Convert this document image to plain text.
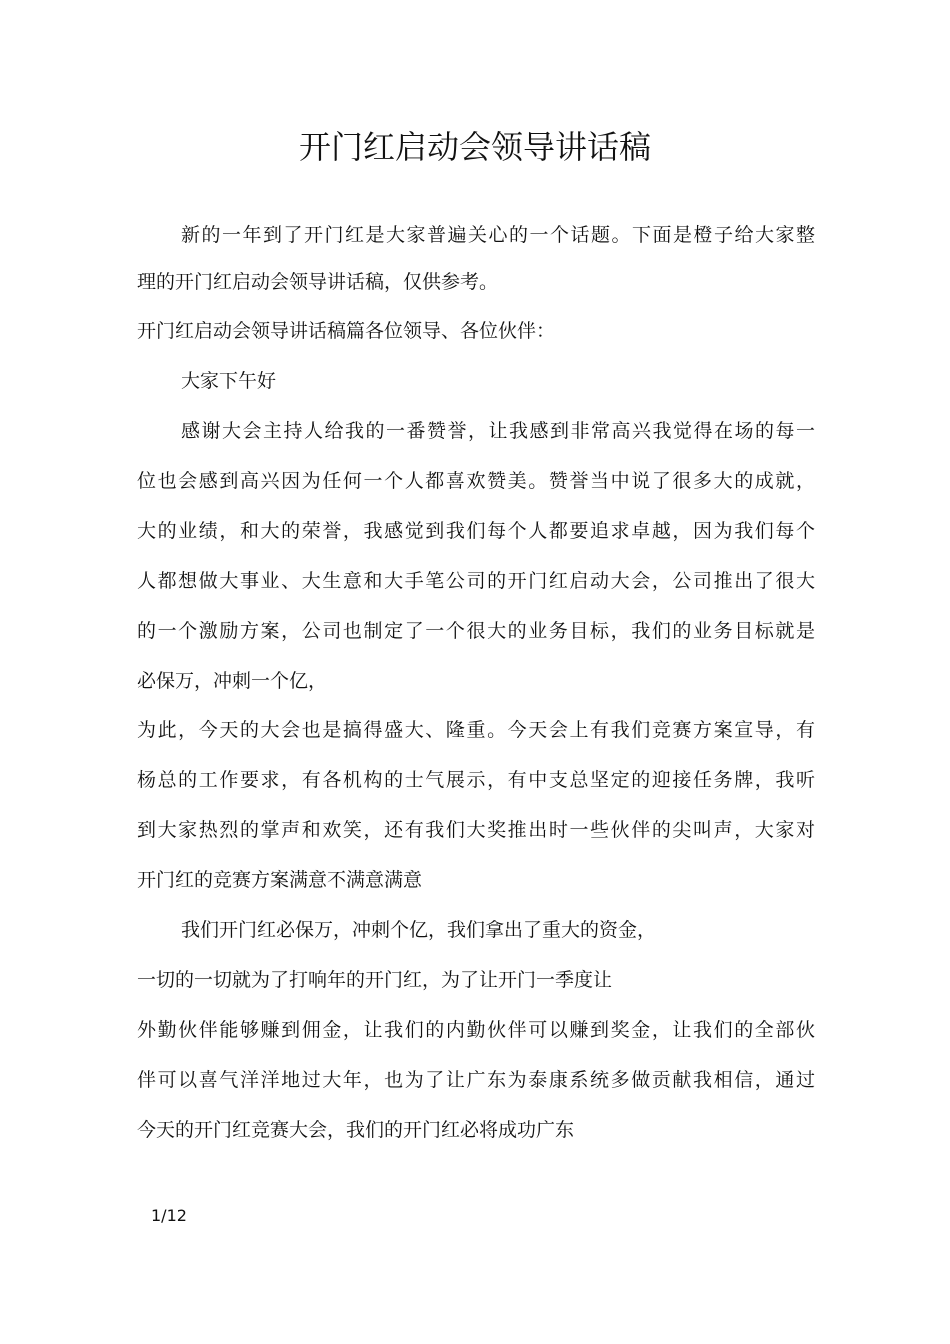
开门红启动会领导讲话稿

新的一年到了开门红是大家普遍关心的一个话题。下面是橙子给大家整

理的开门红启动会领导讲话稿，仅供参考。

开门红启动会领导讲话稿篇各位领导、各位伙伴：

大家下午好

感谢大会主持人给我的一番赞誉，让我感到非常高兴我觉得在场的每一

位也会感到高兴因为任何一个人都喜欢赞美。赞誉当中说了很多大的成就，

大的业绩，和大的荣誉，我感觉到我们每个人都要追求卓越，因为我们每个

人都想做大事业、大生意和大手笔公司的开门红启动大会，公司推出了很大

的一个激励方案，公司也制定了一个很大的业务目标，我们的业务目标就是

必保万，冲刺一个亿，

为此，今天的大会也是搞得盛大、隆重。今天会上有我们竞赛方案宣导，有

杨总的工作要求，有各机构的士气展示，有中支总坚定的迎接任务牌，我听

到大家热烈的掌声和欢笑，还有我们大奖推出时一些伙伴的尖叫声，大家对

开门红的竞赛方案满意不满意满意

我们开门红必保万，冲刺个亿，我们拿出了重大的资金，

一切的一切就为了打响年的开门红，为了让开门一季度让

外勤伙伴能够赚到佣金，让我们的内勤伙伴可以赚到奖金，让我们的全部伙

伴可以喜气洋洋地过大年，也为了让广东为泰康系统多做贡献我相信，通过

今天的开门红竞赛大会，我们的开门红必将成功广东

1/12
